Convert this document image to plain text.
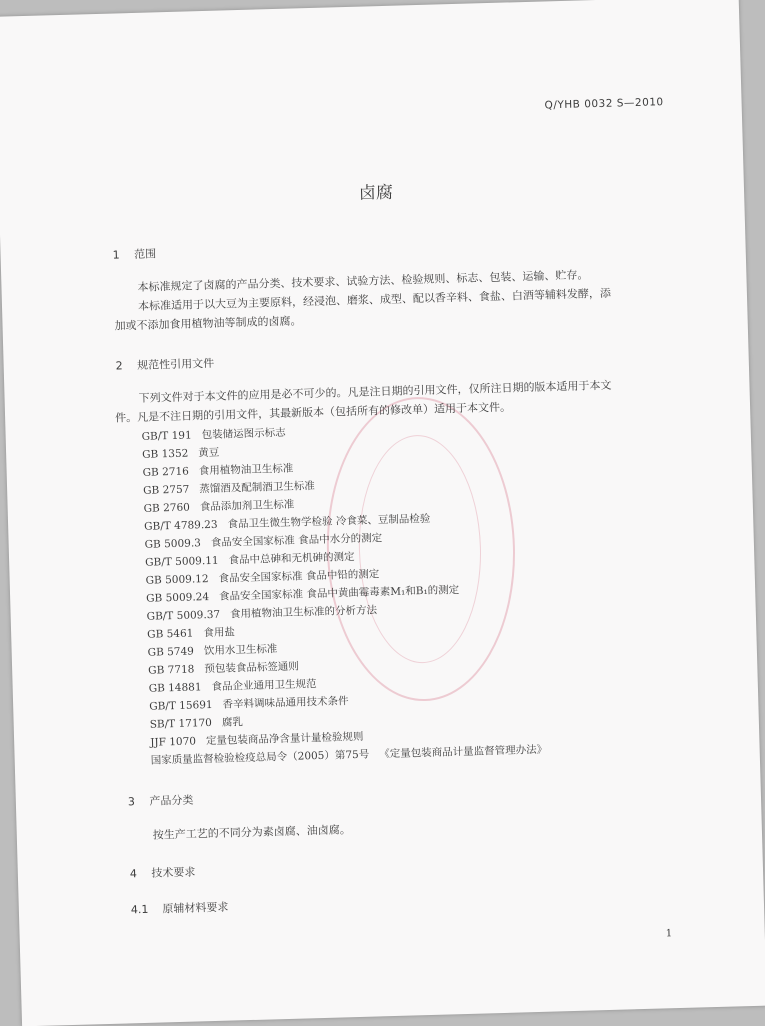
Q/YHB 0032 S—2010
卤腐
1 范围
本标准规定了卤腐的产品分类、技术要求、试验方法、检验规则、标志、包装、运输、贮存。
本标准适用于以大豆为主要原料，经浸泡、磨浆、成型、配以香辛料、食盐、白酒等辅料发酵，添
加或不添加食用植物油等制成的卤腐。
2 规范性引用文件
下列文件对于本文件的应用是必不可少的。凡是注日期的引用文件，仅所注日期的版本适用于本文
件。凡是不注日期的引用文件，其最新版本（包括所有的修改单）适用于本文件。
GB/T 191 包装储运图示标志
GB 1352 黄豆
GB 2716 食用植物油卫生标准
GB 2757 蒸馏酒及配制酒卫生标准
GB 2760 食品添加剂卫生标准
GB/T 4789.23 食品卫生微生物学检验 冷食菜、豆制品检验
GB 5009.3 食品安全国家标准 食品中水分的测定
GB/T 5009.11 食品中总砷和无机砷的测定
GB 5009.12 食品安全国家标准 食品中铅的测定
GB 5009.24 食品安全国家标准 食品中黄曲霉毒素M₁和B₁的测定
GB/T 5009.37 食用植物油卫生标准的分析方法
GB 5461 食用盐
GB 5749 饮用水卫生标准
GB 7718 预包装食品标签通则
GB 14881 食品企业通用卫生规范
GB/T 15691 香辛料调味品通用技术条件
SB/T 17170 腐乳
JJF 1070 定量包装商品净含量计量检验规则
国家质量监督检验检疫总局令（2005）第75号 《定量包装商品计量监督管理办法》
3 产品分类
按生产工艺的不同分为素卤腐、油卤腐。
4 技术要求
4.1 原辅材料要求
1
